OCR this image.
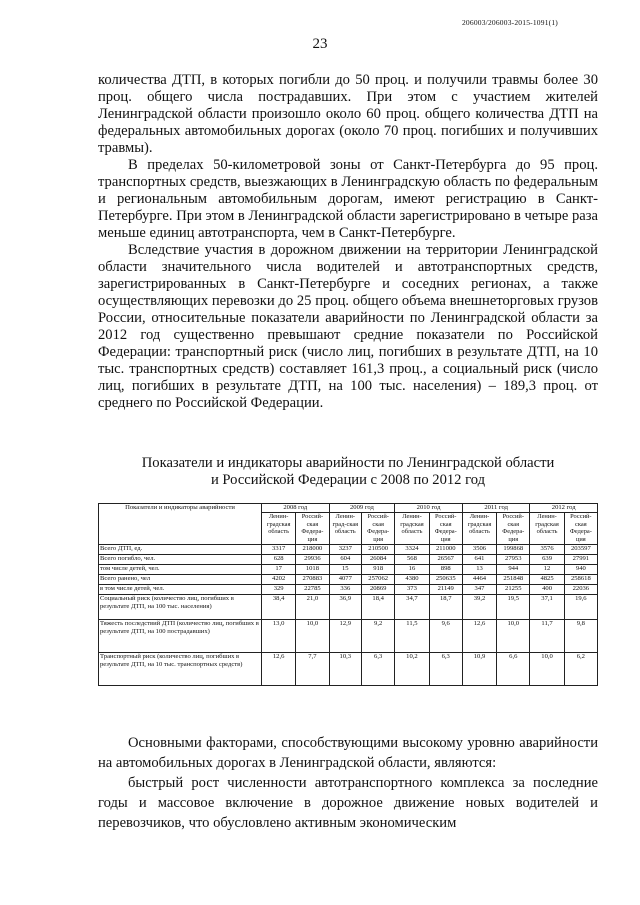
206003/206003-2015-1091(1)
23

количества ДТП, в которых погибли до 50 проц. и получили травмы более 30 проц. общего числа пострадавших. При этом с участием жителей Ленинградской области произошло около 60 проц. общего количества ДТП на федеральных автомобильных дорогах (около 70 проц. погибших и получивших травмы).

В пределах 50-километровой зоны от Санкт-Петербурга до 95 проц. транспортных средств, выезжающих в Ленинградскую область по федеральным и региональным автомобильным дорогам, имеют регистрацию в Санкт-Петербурге. При этом в Ленинградской области зарегистрировано в четыре раза меньше единиц автотранспорта, чем в Санкт-Петербурге.

Вследствие участия в дорожном движении на территории Ленинградской области значительного числа водителей и автотранспортных средств, зарегистрированных в Санкт-Петербурге и соседних регионах, а также осуществляющих перевозки до 25 проц. общего объема внешнеторговых грузов России, относительные показатели аварийности по Ленинградской области за 2012 год существенно превышают средние показатели по Российской Федерации: транспортный риск (число лиц, погибших в результате ДТП, на 10 тыс. транспортных средств) составляет 161,3 проц., а социальный риск (число лиц, погибших в результате ДТП, на 100 тыс. населения) – 189,3 проц. от среднего по Российской Федерации.

Показатели и индикаторы аварийности по Ленинградской области
и Российской Федерации с 2008 по 2012 год
Показатели и индикаторы аварийности	2008 год		2009 год		2010 год		2011 год		2012 год	
	Ленин-градская область	Россий-ская Федера-ция	Ленин-град-ская область	Россий-ская Федера-ция	Ленин-градская область	Россий-ская Федера-ция	Ленин-градская область	Россий-ская Федера-ция	Ленин-градская область	Россий-ская Федера-ция
Всего ДТП, ед.	3317	218000	3237	210500	3324	211000	3506	199868	3576	203597
Всего погибло, чел.	628	29936	604	26084	568	26567	641	27953	639	27991
том числе детей, чел.	17	1018	15	918	16	898	13	944	12	940
Всего ранено, чел	4202	270883	4077	257062	4380	250635	4464	251848	4825	258618
в том числе детей, чел.	329	22785	336	20869	373	21149	347	21255	400	22036
Социальный риск (количество лиц, погибших в результате ДТП, на 100 тыс. населения)	38,4	21,0	36,9	18,4	34,7	18,7	39,2	19,5	37,1	19,6
Тяжесть последствий ДТП (количество лиц, погибших в результате ДТП, на 100 пострадавших)	13,0	10,0	12,9	9,2	11,5	9,6	12,6	10,0	11,7	9,8
Транспортный риск (количество лиц, погибших в результате ДТП, на 10 тыс. транспортных средств)	12,6	7,7	10,3	6,3	10,2	6,3	10,9	6,6	10,0	6,2

Основными факторами, способствующими высокому уровню аварийности на автомобильных дорогах в Ленинградской области, являются:

быстрый рост численности автотранспортного комплекса за последние годы и массовое включение в дорожное движение новых водителей и перевозчиков, что обусловлено активным экономическим
